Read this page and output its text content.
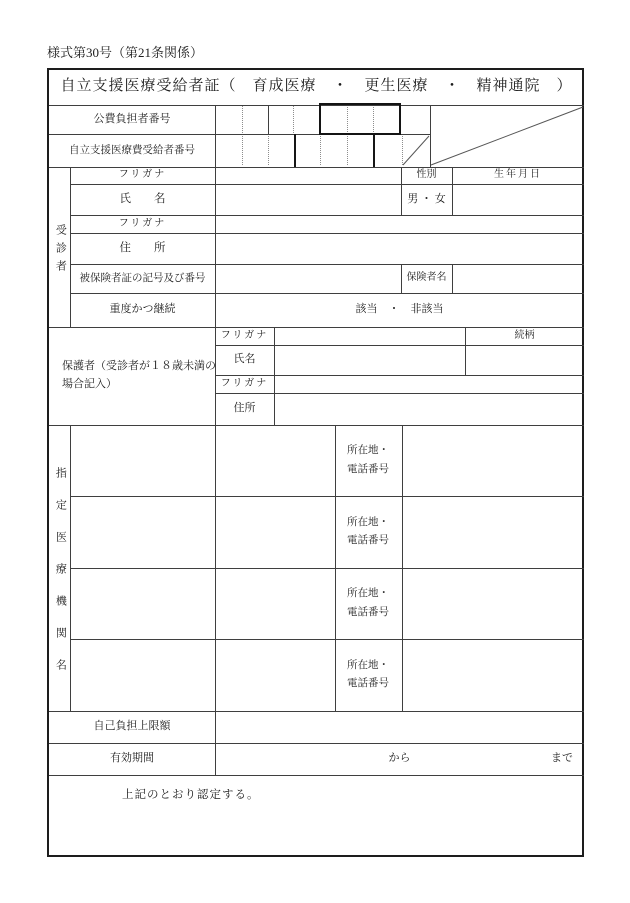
様式第30号（第21条関係）
自立支援医療受給者証（　育成医療　・　更生医療　・　精神通院　）
公費負担者番号
自立支援医療費受給者番号
受診者
フリガナ	性別	生年月日
氏　　名	男 ・ 女
フリガナ
住　　所
被保険者証の記号及び番号	保険者名
重度かつ継続	該当　・　非該当
保護者（受診者が１８歳未満の
場合記入）
フリガナ	続柄
氏名
フリガナ
住所
指定医療機関名
所在地・
電話番号
所在地・
電話番号
所在地・
電話番号
所在地・
電話番号
自己負担上限額
有効期間	から	まで
上記のとおり認定する。
